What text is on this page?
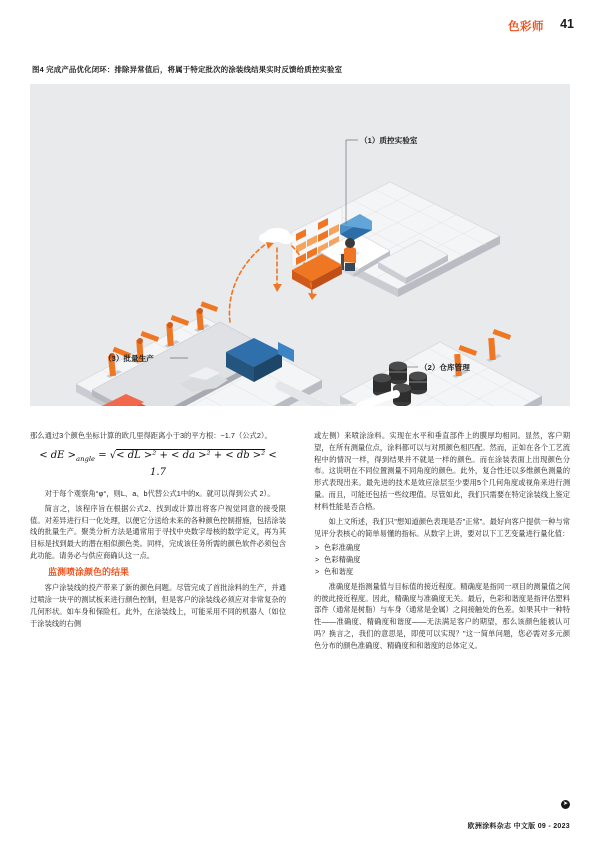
色彩师 41
图4 完成产品优化闭环：排除异常值后，将属于特定批次的涂装线结果实时反馈给质控实验室
（1）质控实验室
（3）批量生产
（2）仓库管理

那么通过3个颜色坐标计算的欧几里得距离小于3的平方根：~1.7（公式2）。

< dE $>_{angle}$ = √< dL >² + < da >² + < db >² < 1.7

对于每个观察角°φ°，则L、a、b代替公式1中的x。就可以得到公式 2）。

简言之，该程序旨在根据公式2、找到或计算出将客户视觉同意的接受限值。对差异进行归一化处理，以便它分送给未来的各种颜色控制措施，包括涂装线的批量生产。聚类分析方法是通常用于寻找中央数字母核的数学定义，再为其目标是找到最大的潜在相似颜色类。同样，完成该任务所需的颜色软件必须包含此功能。请务必与供应商确认这一点。

监测喷涂颜色的结果

客户涂装线的投产带来了新的颜色问题。尽管完成了首批涂料的生产，并通过喷涂一块平的测试板来进行颜色控制，但是客户的涂装线必须应对非常复杂的几何形状。如车身和保险杠。此外，在涂装线上，可能采用不同的机器人（如位于涂装线的右侧

或左侧）来喷涂涂料。实现在水平和垂直部件上的膜厚均相同。显然，客户期望，在所有测量位点，涂料都可以与对照颜色相匹配。然而，正如在各个工艺流程中的情况一样，得到结果并不就是一样的颜色。而在涂装表面上出现颜色分布。这说明在不同位置测量不同角度的颜色。此外，复合性还以多维颜色测量的形式表现出来。最先进的技术是效应涂层至少要用5个几何角度或视角来进行测量。而且，可能还包括一些纹理值。尽管如此，我们只需要在特定涂装线上鉴定材料性能是否合格。

如上文所述，我们只"想知道颜色表现是否"正常"。最好向客户提供一种与常见评分表核心的简单易懂的指标。从数字上讲，要对以下工艺变量进行量化值：

> 色彩准确度
> 色彩精确度
> 色和谐度

准确度是指测量值与目标值的接近程度。精确度是指同一项目的测量值之间的彼此接近程度。因此，精确度与准确度无关。最后，色彩和谐度是指评估塑料部件（通常是树脂）与车身（通常是金属）之间接触处的色差。如果其中一种特性——准确度、精确度和谐度——无法满足客户的期望，那么该颜色能被认可吗？换言之，我们的意思是，即使可以实现？"这一简单问题，您必需对多元颜色分布的颜色准确度、精确度和和谐度的总体定义。

➤
欧洲涂料杂志 中文版 09 - 2023
